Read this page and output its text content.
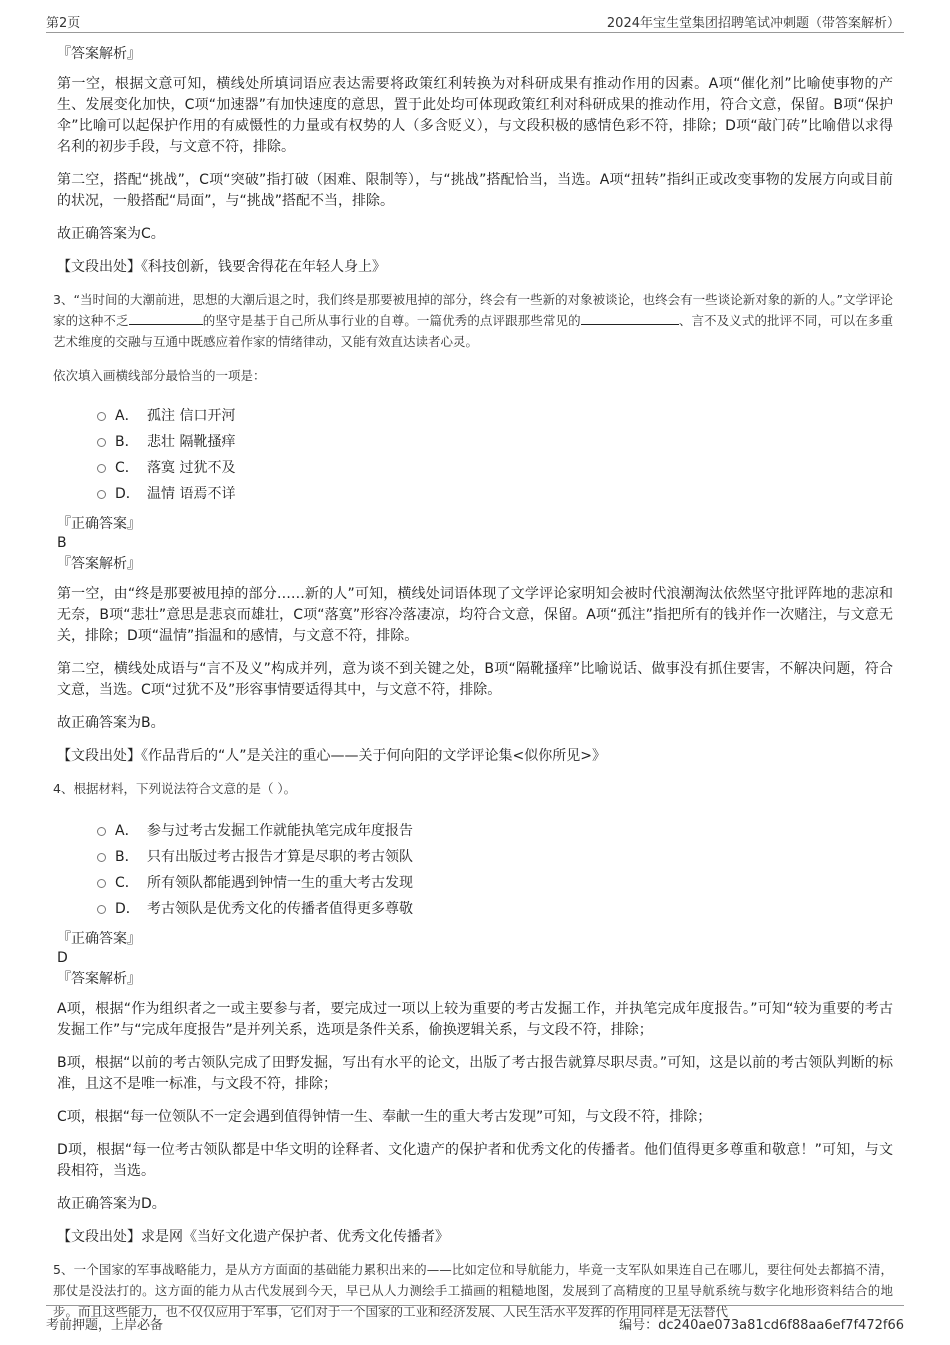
第2页	2024年宝生堂集团招聘笔试冲刺题（带答案解析）

『答案解析』

第一空，根据文意可知，横线处所填词语应表达需要将政策红利转换为对科研成果有推动作用的因素。A项“催化剂”比喻使事物的产生、发展变化加快，C项“加速器”有加快速度的意思，置于此处均可体现政策红利对科研成果的推动作用，符合文意，保留。B项“保护伞”比喻可以起保护作用的有威慑性的力量或有权势的人（多含贬义），与文段积极的感情色彩不符，排除；D项“敲门砖”比喻借以求得名利的初步手段，与文意不符，排除。

第二空，搭配“挑战”，C项“突破”指打破（困难、限制等），与“挑战”搭配恰当，当选。A项“扭转”指纠正或改变事物的发展方向或目前的状况，一般搭配“局面”，与“挑战”搭配不当，排除。

故正确答案为C。

【文段出处】《科技创新，钱要舍得花在年轻人身上》

3、“当时间的大潮前进，思想的大潮后退之时，我们终是那要被甩掉的部分，终会有一些新的对象被谈论，也终会有一些谈论新对象的新的人。”文学评论家的这种不乏	的坚守是基于自己所从事行业的自尊。一篇优秀的点评跟那些常见的	、言不及义式的批评不同，可以在多重艺术维度的交融与互通中既感应着作家的情绪律动，又能有效直达读者心灵。

依次填入画横线部分最恰当的一项是：

A． 孤注 信口开河
B． 悲壮 隔靴搔痒
C． 落寞 过犹不及
D． 温情 语焉不详

『正确答案』

B

『答案解析』

第一空，由“终是那要被甩掉的部分……新的人”可知，横线处词语体现了文学评论家明知会被时代浪潮淘汰依然坚守批评阵地的悲凉和无奈，B项“悲壮”意思是悲哀而雄壮，C项“落寞”形容冷落凄凉，均符合文意，保留。A项“孤注”指把所有的钱并作一次赌注，与文意无关，排除；D项“温情”指温和的感情，与文意不符，排除。

第二空，横线处成语与“言不及义”构成并列，意为谈不到关键之处，B项“隔靴搔痒”比喻说话、做事没有抓住要害，不解决问题，符合文意，当选。C项“过犹不及”形容事情要适得其中，与文意不符，排除。

故正确答案为B。

【文段出处】《作品背后的“人”是关注的重心——关于何向阳的文学评论集<似你所见>》

4、根据材料，下列说法符合文意的是（ ）。

A． 参与过考古发掘工作就能执笔完成年度报告
B． 只有出版过考古报告才算是尽职的考古领队
C． 所有领队都能遇到钟情一生的重大考古发现
D． 考古领队是优秀文化的传播者值得更多尊敬

『正确答案』

D

『答案解析』

A项，根据“作为组织者之一或主要参与者，要完成过一项以上较为重要的考古发掘工作，并执笔完成年度报告。”可知“较为重要的考古发掘工作”与“完成年度报告”是并列关系，选项是条件关系，偷换逻辑关系，与文段不符，排除；

B项，根据“以前的考古领队完成了田野发掘，写出有水平的论文，出版了考古报告就算尽职尽责。”可知，这是以前的考古领队判断的标准，且这不是唯一标准，与文段不符，排除；

C项，根据“每一位领队不一定会遇到值得钟情一生、奉献一生的重大考古发现”可知，与文段不符，排除；

D项，根据“每一位考古领队都是中华文明的诠释者、文化遗产的保护者和优秀文化的传播者。他们值得更多尊重和敬意！”可知，与文段相符，当选。

故正确答案为D。

【文段出处】求是网《当好文化遗产保护者、优秀文化传播者》

5、一个国家的军事战略能力，是从方方面面的基础能力累积出来的——比如定位和导航能力，毕竟一支军队如果连自己在哪儿，要往何处去都搞不清，那仗是没法打的。这方面的能力从古代发展到今天，早已从人力测绘手工描画的粗糙地图，发展到了高精度的卫星导航系统与数字化地形资料结合的地步。而且这些能力，也不仅仅应用于军事，它们对于一个国家的工业和经济发展、人民生活水平发挥的作用同样是无法替代

考前押题，上岸必备	编号：dc240ae073a81cd6f88aa6ef7f472f66
